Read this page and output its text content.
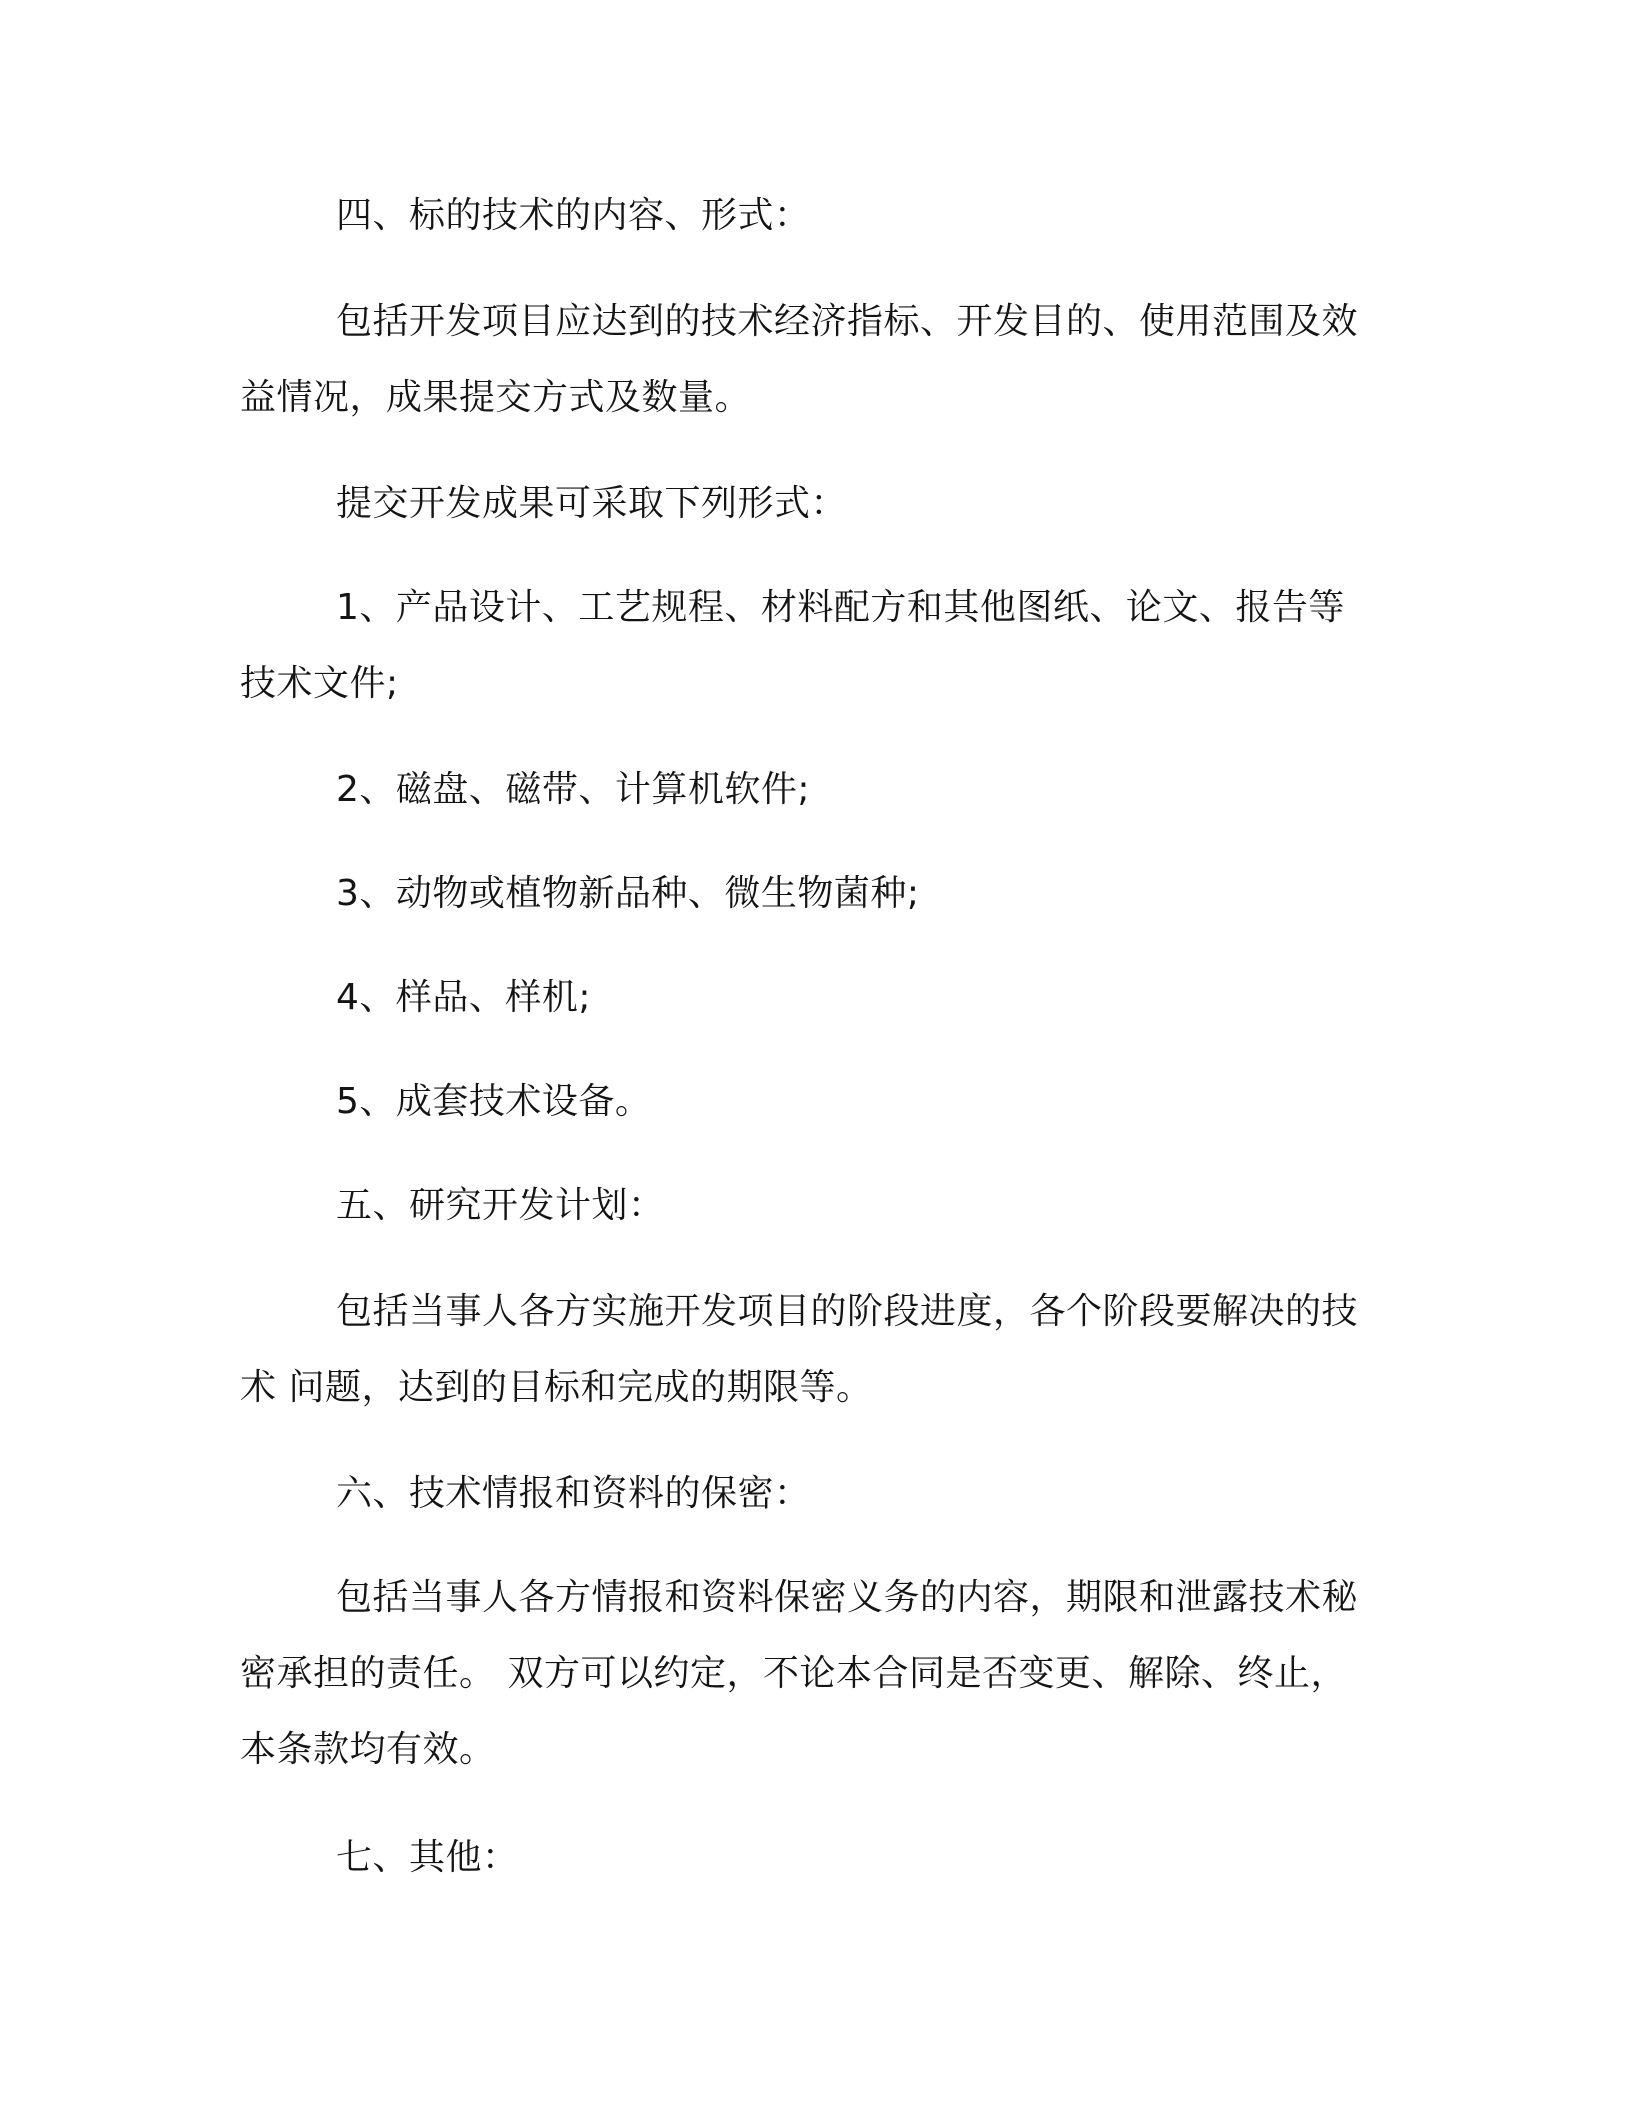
四、标的技术的内容、形式：

包括开发项目应达到的技术经济指标、开发目的、使用范围及效益情况，成果提交方式及数量。

提交开发成果可采取下列形式：

1、产品设计、工艺规程、材料配方和其他图纸、论文、报告等技术文件;

2、磁盘、磁带、计算机软件;

3、动物或植物新品种、微生物菌种;

4、样品、样机;

5、成套技术设备。

五、研究开发计划：

包括当事人各方实施开发项目的阶段进度，各个阶段要解决的技术 问题，达到的目标和完成的期限等。

六、技术情报和资料的保密：

包括当事人各方情报和资料保密义务的内容，期限和泄露技术秘密承担的责任。 双方可以约定，不论本合同是否变更、解除、终止，本条款均有效。

七、其他：
